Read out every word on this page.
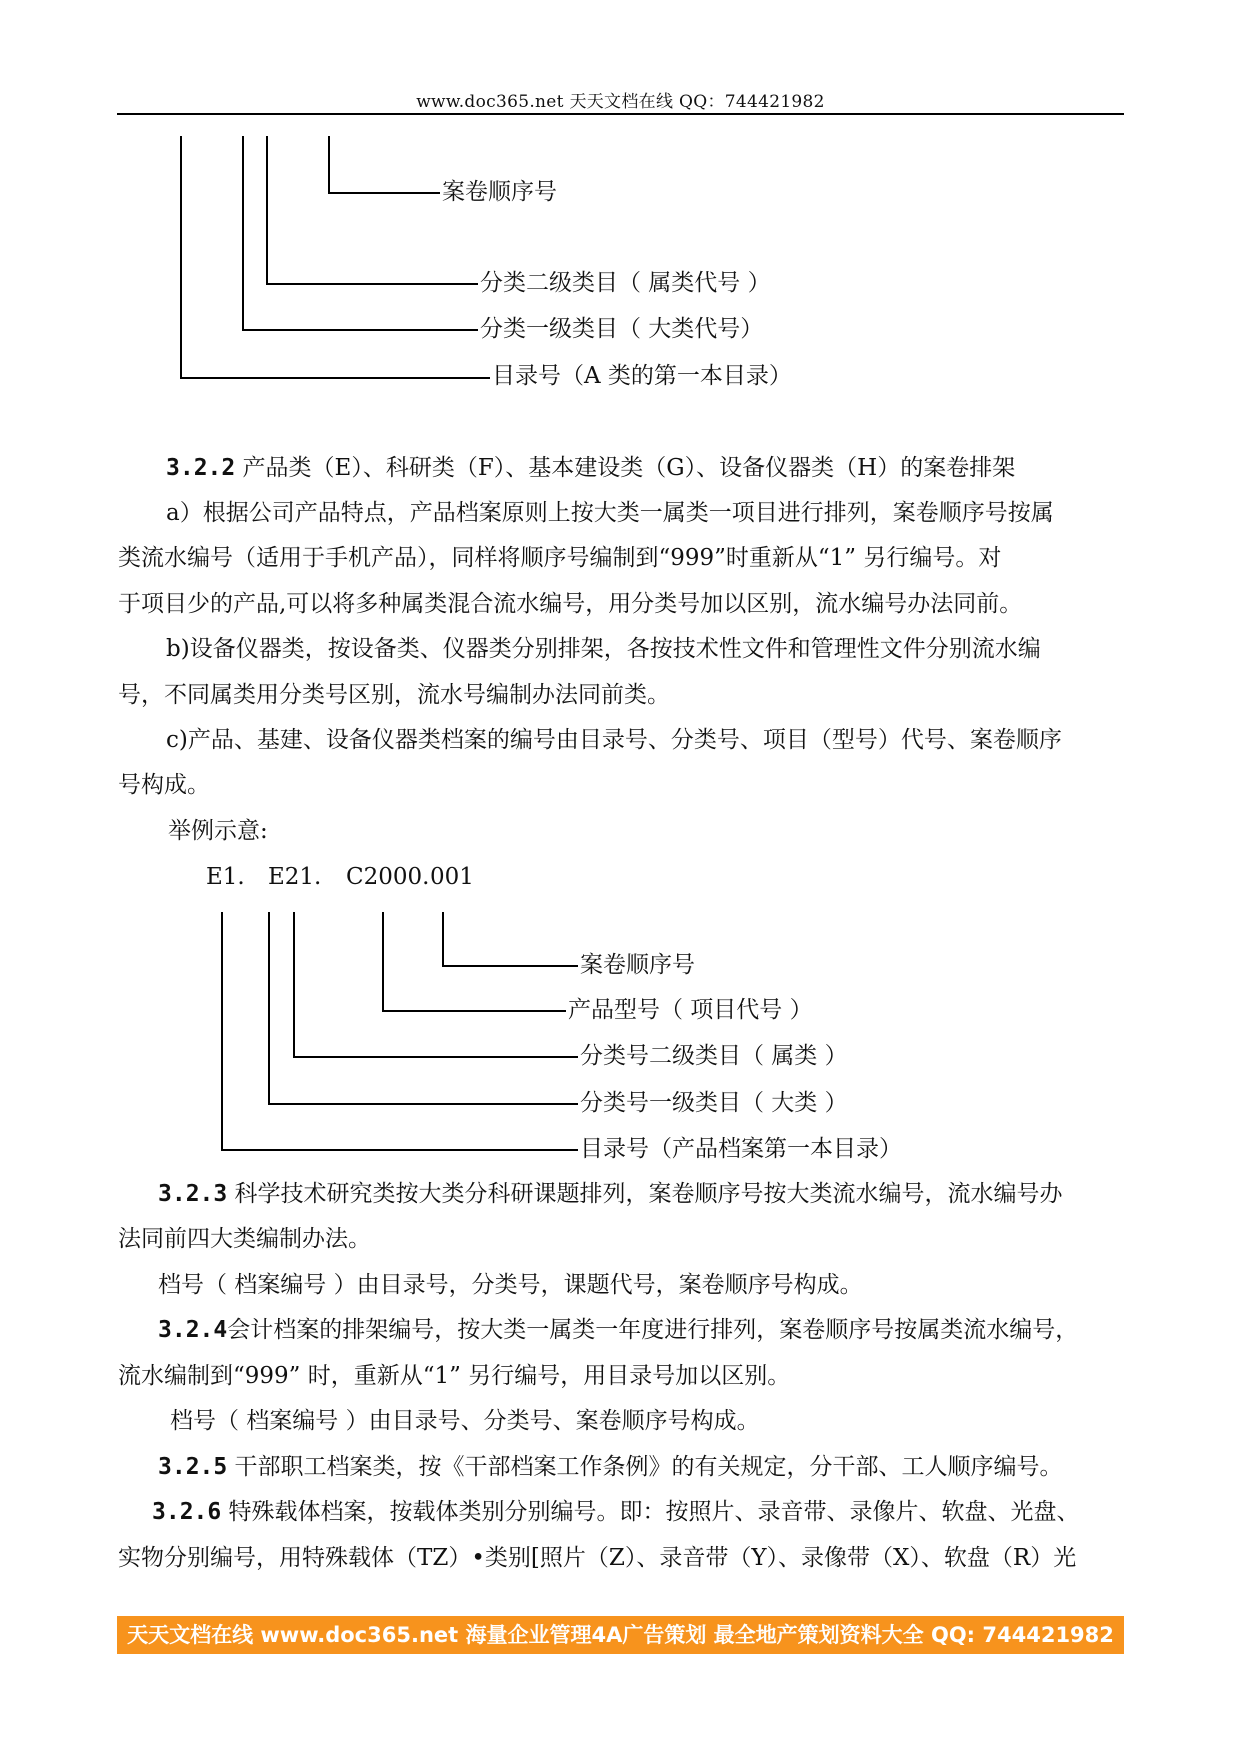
www.doc365.net 天天文档在线 QQ：744421982
案卷顺序号
分类二级类目（ 属类代号 ）
分类一级类目（ 大类代号）
目录号（A 类的第一本目录）
3.2.2 产品类（E）、科研类（F）、基本建设类（G）、设备仪器类（H）的案卷排架
a）根据公司产品特点，产品档案原则上按大类一属类一项目进行排列，案卷顺序号按属
类流水编号（适用于手机产品），同样将顺序号编制到“999”时重新从“1” 另行编号。对
于项目少的产品,可以将多种属类混合流水编号，用分类号加以区别，流水编号办法同前。
b)设备仪器类，按设备类、仪器类分别排架，各按技术性文件和管理性文件分别流水编
号，不同属类用分类号区别，流水号编制办法同前类。
c)产品、基建、设备仪器类档案的编号由目录号、分类号、项目（型号）代号、案卷顺序
号构成。
举例示意:
E1. E21. C2000. 001
案卷顺序号
产品型号（ 项目代号 ）
分类号二级类目（ 属类 ）
分类号一级类目（ 大类 ）
目录号（产品档案第一本目录）
3.2.3 科学技术研究类按大类分科研课题排列，案卷顺序号按大类流水编号，流水编号办
法同前四大类编制办法。
档号（ 档案编号 ）由目录号，分类号，课题代号，案卷顺序号构成。
3.2.4会计档案的排架编号，按大类一属类一年度进行排列，案卷顺序号按属类流水编号，
流水编制到“999” 时，重新从“1” 另行编号，用目录号加以区别。
档号（ 档案编号 ）由目录号、分类号、案卷顺序号构成。
3.2.5 干部职工档案类，按《干部档案工作条例》的有关规定，分干部、工人顺序编号。
3.2.6 特殊载体档案，按载体类别分别编号。即：按照片、录音带、录像片、软盘、光盘、
实物分别编号，用特殊载体（TZ）•类别[照片（Z）、录音带（Y）、录像带（X）、软盘（R）光
天天文档在线 www.doc365.net 海量企业管理4A广告策划 最全地产策划资料大全 QQ: 744421982
